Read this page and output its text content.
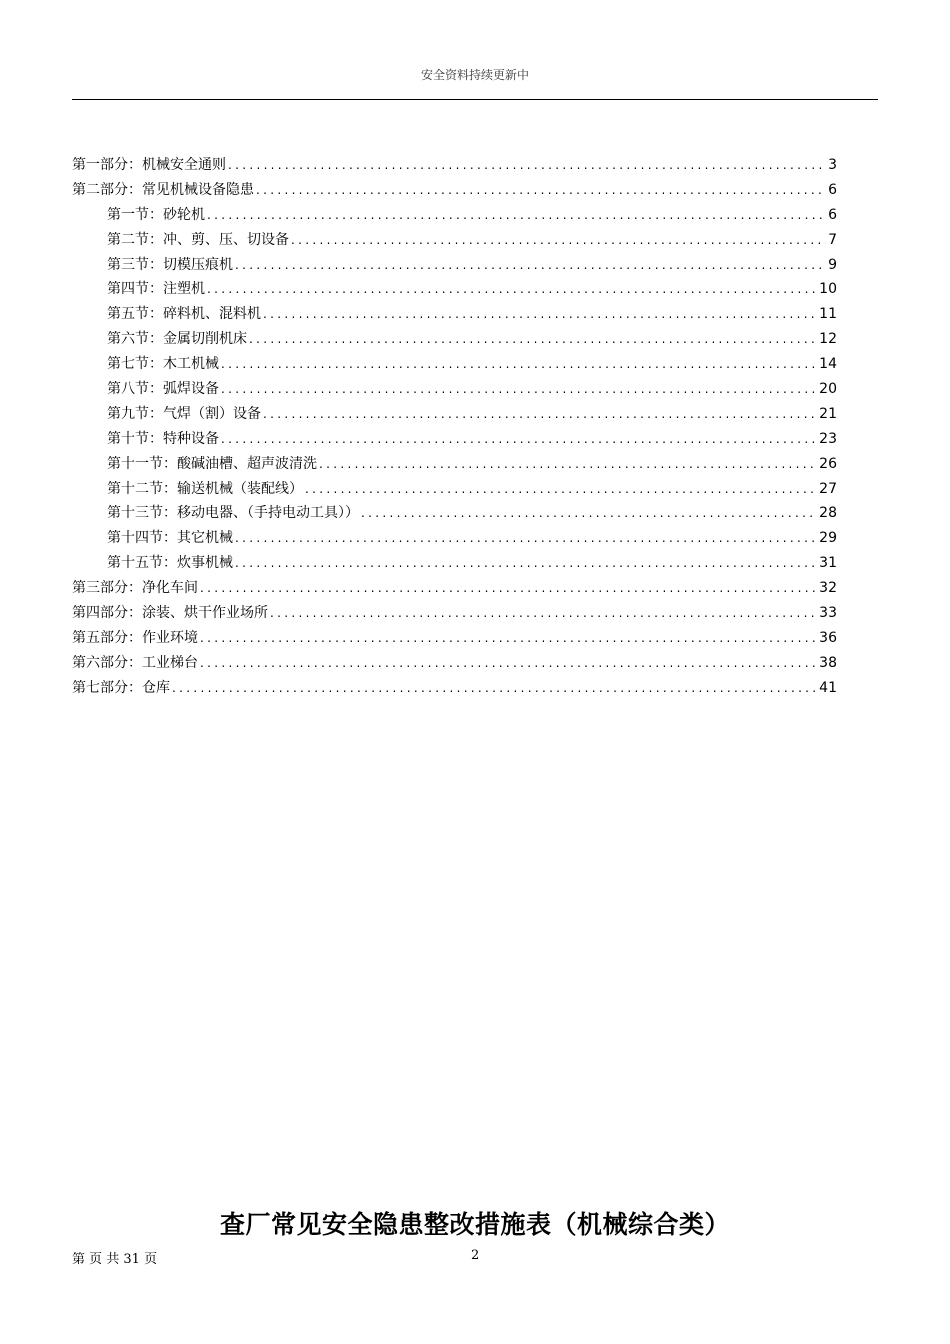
安全资料持续更新中
第一部分：机械安全通则 .....	3
第二部分：常见机械设备隐患 .....	6
第一节：砂轮机 .....	6
第二节：冲、剪、压、切设备 .....	7
第三节：切模压痕机 .....	9
第四节：注塑机 .....	10
第五节：碎料机、混料机 .....	11
第六节：金属切削机床 .....	12
第七节：木工机械 .....	14
第八节：弧焊设备 .....	20
第九节：气焊（割）设备 .....	21
第十节：特种设备 .....	23
第十一节：酸碱油槽、超声波清洗 .....	26
第十二节：输送机械（装配线） .....	27
第十三节：移动电器、（手持电动工具）） .....	28
第十四节：其它机械 .....	29
第十五节：炊事机械 .....	31
第三部分：净化车间 .....	32
第四部分：涂装、烘干作业场所 .....	33
第五部分：作业环境 .....	36
第六部分：工业梯台 .....	38
第七部分：仓库 .....	41
查厂常见安全隐患整改措施表（机械综合类）
第 页 共 31 页	2
